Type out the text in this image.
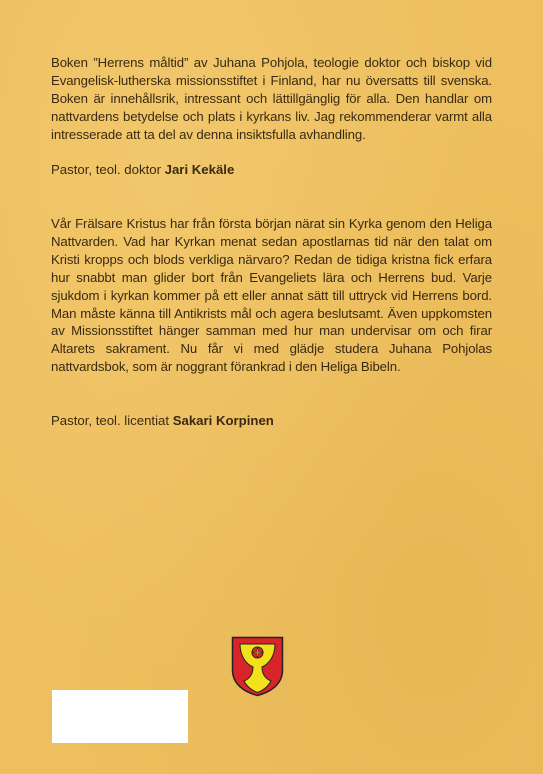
Boken ”Herrens måltid” av Juhana Pohjola, teologie doktor och biskop vid Evangelisk-lutherska missionsstiftet i Finland, har nu översatts till svenska. Boken är innehållsrik, intressant och lättillgänglig för alla. Den handlar om nattvardens betydelse och plats i kyrkans liv. Jag rekommenderar varmt alla intresserade att ta del av denna insiktsfulla avhandling.
Pastor, teol. doktor Jari Kekäle
Vår Frälsare Kristus har från första början närat sin Kyrka genom den Heliga Nattvarden. Vad har Kyrkan menat sedan apostlarnas tid när den talat om Kristi kropps och blods verkliga närvaro? Redan de tidiga kristna fick erfara hur snabbt man glider bort från Evangeliets lära och Herrens bud. Varje sjukdom i kyrkan kommer på ett eller annat sätt till uttryck vid Herrens bord. Man måste känna till Antikrists mål och agera beslutsamt. Även uppkomsten av Missionsstiftet hänger samman med hur man undervisar om och firar Altarets sakrament. Nu får vi med glädje studera Juhana Pohjolas nattvardsbok, som är noggrant förankrad i den Heliga Bibeln.
Pastor, teol. licentiat Sakari Korpinen
